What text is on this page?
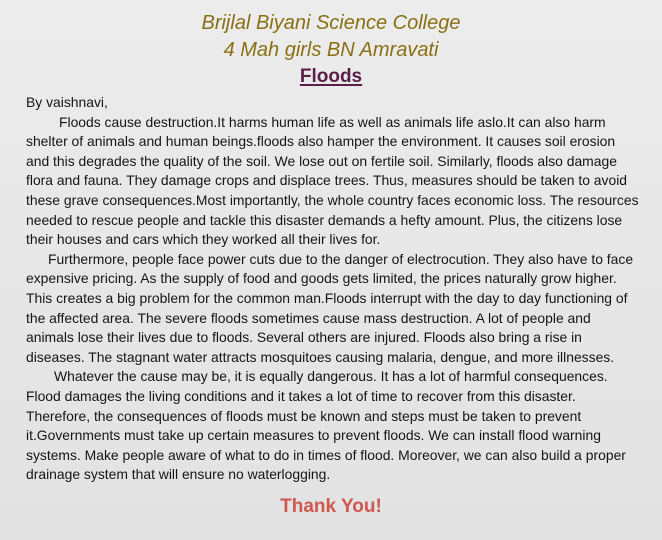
Brijlal Biyani Science College
4 Mah girls BN Amravati
Floods

By vaishnavi,

Floods cause destruction.It harms human life as well as animals life aslo.It can also harm shelter of animals and human beings.floods also hamper the environment. It causes soil erosion and this degrades the quality of the soil. We lose out on fertile soil. Similarly, floods also damage flora and fauna. They damage crops and displace trees. Thus, measures should be taken to avoid these grave consequences.Most importantly, the whole country faces economic loss. The resources needed to rescue people and tackle this disaster demands a hefty amount. Plus, the citizens lose their houses and cars which they worked all their lives for.

Furthermore, people face power cuts due to the danger of electrocution. They also have to face expensive pricing. As the supply of food and goods gets limited, the prices naturally grow higher. This creates a big problem for the common man.Floods interrupt with the day to day functioning of the affected area. The severe floods sometimes cause mass destruction. A lot of people and animals lose their lives due to floods. Several others are injured. Floods also bring a rise in diseases. The stagnant water attracts mosquitoes causing malaria, dengue, and more illnesses.

Whatever the cause may be, it is equally dangerous. It has a lot of harmful consequences. Flood damages the living conditions and it takes a lot of time to recover from this disaster. Therefore, the consequences of floods must be known and steps must be taken to prevent it.Governments must take up certain measures to prevent floods. We can install flood warning systems. Make people aware of what to do in times of flood. Moreover, we can also build a proper drainage system that will ensure no waterlogging.

Thank You!
